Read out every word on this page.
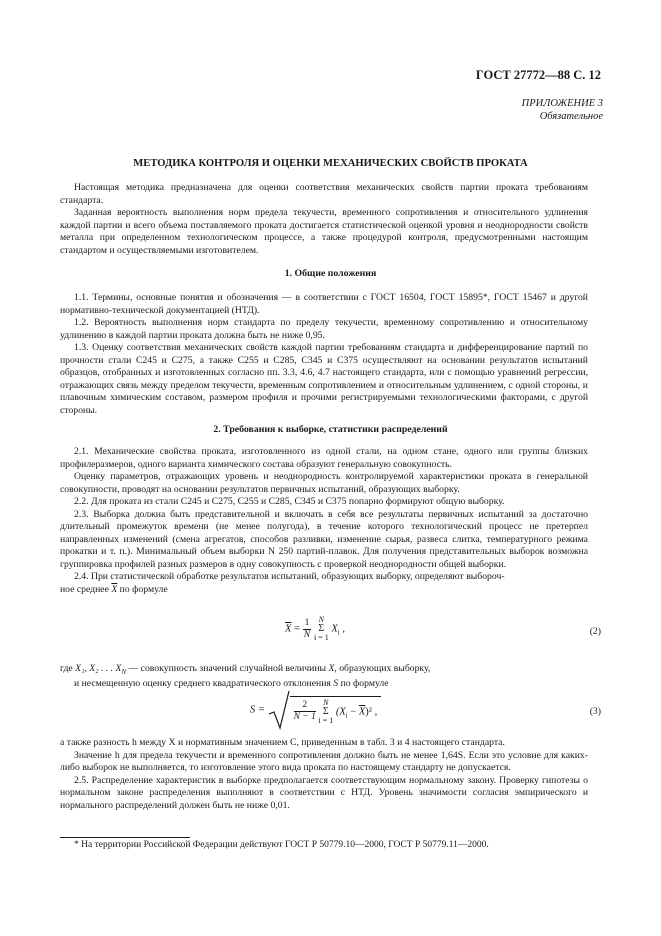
ГОСТ 27772—88 С. 12
ПРИЛОЖЕНИЕ 3
Обязательное
МЕТОДИКА КОНТРОЛЯ И ОЦЕНКИ МЕХАНИЧЕСКИХ СВОЙСТВ ПРОКАТА

Настоящая методика предназначена для оценки соответствия механических свойств партии проката требованиям стандарта.

Заданная вероятность выполнения норм предела текучести, временного сопротивления и относительного удлинения каждой партии и всего объема поставляемого проката достигается статистической оценкой уровня и неоднородности свойств металла при определенном технологическом процессе, а также процедурой контроля, предусмотренными настоящим стандартом и осуществляемыми изготовителем.

1. Общие положения

1.1. Термины, основные понятия и обозначения — в соответствии с ГОСТ 16504, ГОСТ 15895*, ГОСТ 15467 и другой нормативно-технической документацией (НТД).

1.2. Вероятность выполнения норм стандарта по пределу текучести, временному сопротивлению и относительному удлинению в каждой партии проката должна быть не ниже 0,95.

1.3. Оценку соответствия механических свойств каждой партии требованиям стандарта и дифференцирование партий по прочности стали С245 и С275, а также С255 и С285, С345 и С375 осуществляют на основании результатов испытаний образцов, отобранных и изготовленных согласно пп. 3.3, 4.6, 4.7 настоящего стандарта, или с помощью уравнений регрессии, отражающих связь между пределом текучести, временным сопротивлением и относительным удлинением, с одной стороны, и плавочным химическим составом, размером профиля и прочими регистрируемыми технологическими факторами, с другой стороны.

2. Требования к выборке, статистики распределений

2.1. Механические свойства проката, изготовленного из одной стали, на одном стане, одного или группы близких профилеразмеров, одного варианта химического состава образуют генеральную совокупность.

Оценку параметров, отражающих уровень и неоднородность контролируемой характеристики проката в генеральной совокупности, проводят на основании результатов первичных испытаний, образующих выборку.

2.2. Для проката из стали С245 и С275, С255 и С285, С345 и С375 попарно формируют общую выборку.

2.3. Выборка должна быть представительной и включать в себя все результаты первичных испытаний за достаточно длительный промежуток времени (не менее полугода), в течение которого технологический процесс не претерпел направленных изменений (смена агрегатов, способов разливки, изменение сырья, развеса слитка, температурного режима прокатки и т. п.). Минимальный объем выборки N 250 партий-плавок. Для получения представительных выборок возможна группировка профилей разных размеров в одну совокупность с проверкой неоднородности общей выборки.

2.4. При статистической обработке результатов испытаний, образующих выборку, определяют выбороч-

ное среднее $\overline{X}$ по формуле

$\overline{X} = \frac{1}{N}$ N
Σ
i = 1 $X_i$ ,	(2)

где X₁, X₂ . . . $X_N$ — совокупность значений случайной величины X, образующих выборку,

и несмещенную оценку среднего квадратического отклонения S по формуле

S =	$\frac{2}{N - 1}$ N
Σ
i = 1 $(X_i - \overline{X})^2$ ,	(3)

а также разность h между X и нормативным значением С, приведенным в табл. 3 и 4 настоящего стандарта.

Значение h для предела текучести и временного сопротивления должно быть не менее 1,64S. Если это условие для каких-либо выборок не выполняется, то изготовление этого вида проката по настоящему стандарту не допускается.

2.5. Распределение характеристик в выборке предполагается соответствующим нормальному закону. Проверку гипотезы о нормальном законе распределения выполняют в соответствии с НТД. Уровень значимости согласия эмпирического и нормального распределений должен быть не ниже 0,01.

* На территории Российской Федерации действуют ГОСТ Р 50779.10—2000, ГОСТ Р 50779.11—2000.
